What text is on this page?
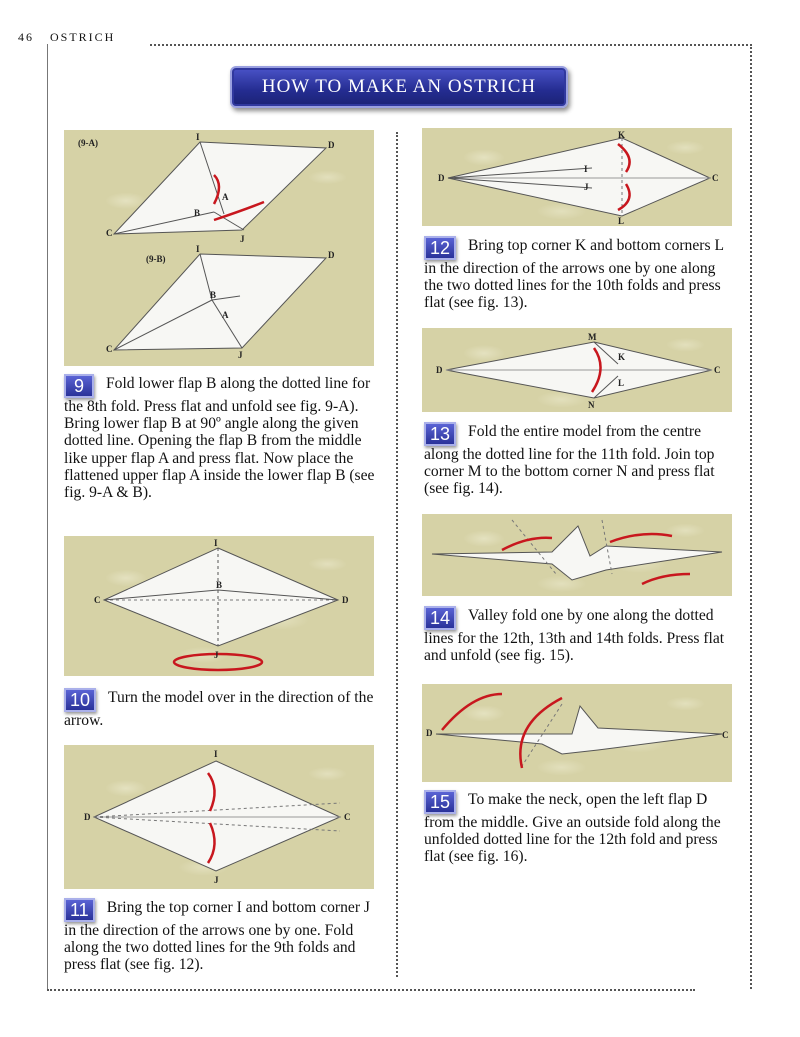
46 OSTRICH
HOW TO MAKE AN OSTRICH
(9-A)
I
D
C
J
A
B
(9-B)
I
D
C
J
B
A
9 Fold lower flap B along the dotted line for the 8th fold. Press flat and unfold see fig. 9-A). Bring lower flap B at 90º angle along the given dotted line. Opening the flap B from the middle like upper flap A and press flat. Now place the flattened upper flap A inside the lower flap B (see fig. 9-A & B).
I
C	D
B
J
10 Turn the model over in the direction of the arrow.
I
D	C
J
11 Bring the top corner I and bottom corner J in the direction of the arrows one by one. Fold along the two dotted lines for the 9th folds and press flat (see fig. 12).
K
D	C
I
J
L
12 Bring top corner K and bottom corners L in the direction of the arrows one by one along the two dotted lines for the 10th folds and press flat (see fig. 13).
M
D	C
K
L
N
13 Fold the entire model from the centre along the dotted line for the 11th fold. Join top corner M to the bottom corner N and press flat (see fig. 14).
14 Valley fold one by one along the dotted lines for the 12th, 13th and 14th folds. Press flat and unfold (see fig. 15).
D	C
15 To make the neck, open the left flap D from the middle. Give an outside fold along the unfolded dotted line for the 12th fold and press flat (see fig. 16).
